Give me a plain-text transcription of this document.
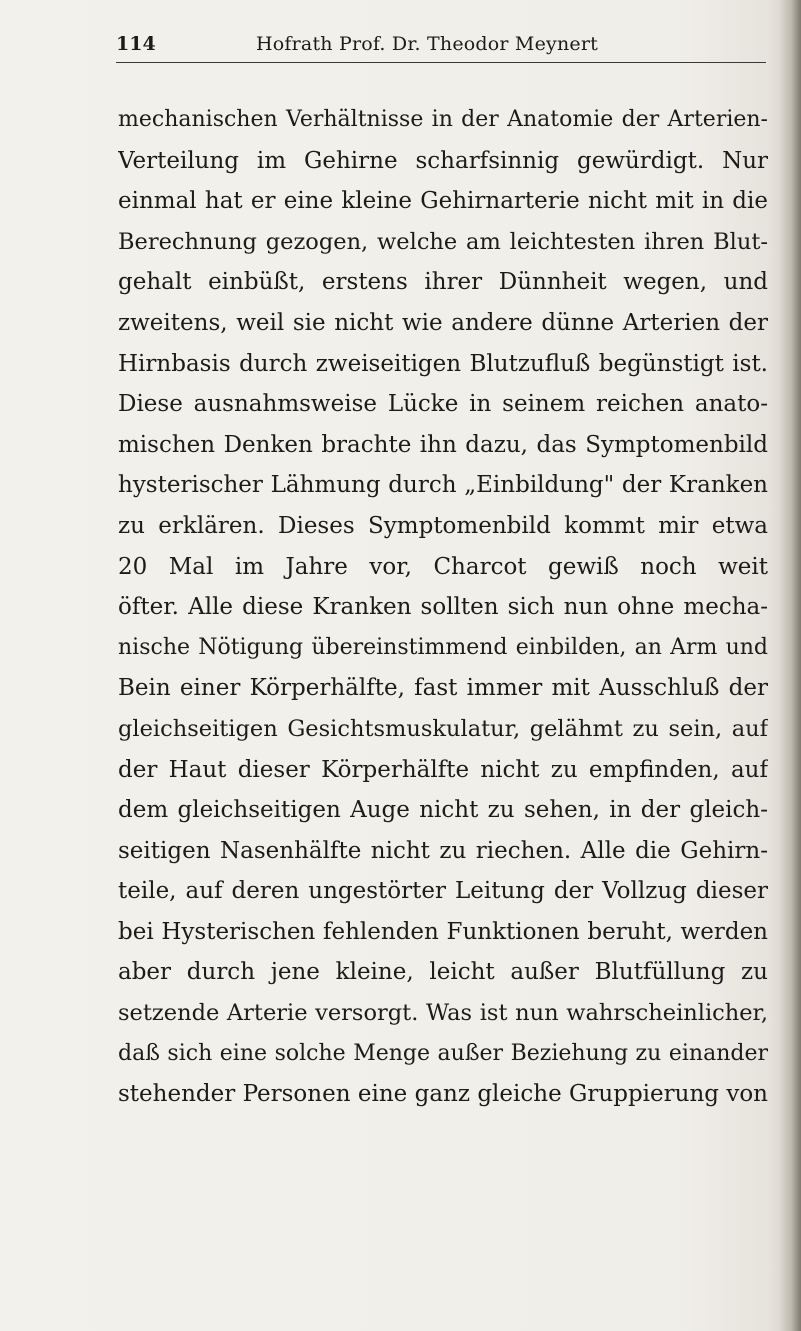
114	Hofrath Prof. Dr. Theodor Meynert
mechanischen Verhältnisse in der Anatomie der Arterien-
Verteilung im Gehirne scharfsinnig gewürdigt. Nur
einmal hat er eine kleine Gehirnarterie nicht mit in die
Berechnung gezogen, welche am leichtesten ihren Blut-
gehalt einbüßt, erstens ihrer Dünnheit wegen, und
zweitens, weil sie nicht wie andere dünne Arterien der
Hirnbasis durch zweiseitigen Blutzufluß begünstigt ist.
Diese ausnahmsweise Lücke in seinem reichen anato-
mischen Denken brachte ihn dazu, das Symptomenbild
hysterischer Lähmung durch „Einbildung" der Kranken
zu erklären. Dieses Symptomenbild kommt mir etwa
20 Mal im Jahre vor, Charcot gewiß noch weit
öfter. Alle diese Kranken sollten sich nun ohne mecha-
nische Nötigung übereinstimmend einbilden, an Arm und
Bein einer Körperhälfte, fast immer mit Ausschluß der
gleichseitigen Gesichtsmuskulatur, gelähmt zu sein, auf
der Haut dieser Körperhälfte nicht zu empfinden, auf
dem gleichseitigen Auge nicht zu sehen, in der gleich-
seitigen Nasenhälfte nicht zu riechen. Alle die Gehirn-
teile, auf deren ungestörter Leitung der Vollzug dieser
bei Hysterischen fehlenden Funktionen beruht, werden
aber durch jene kleine, leicht außer Blutfüllung zu
setzende Arterie versorgt. Was ist nun wahrscheinlicher,
daß sich eine solche Menge außer Beziehung zu einander
stehender Personen eine ganz gleiche Gruppierung von
